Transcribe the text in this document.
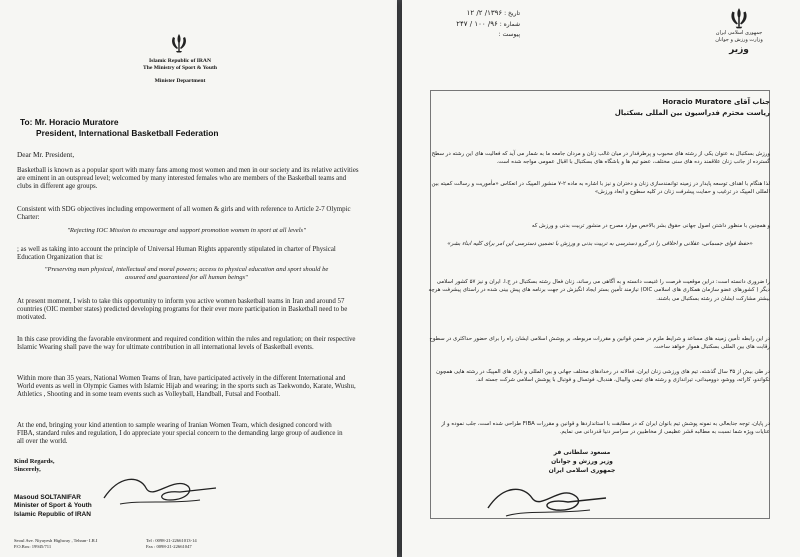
Islamic Republic of IRAN
The Ministry of Sport & Youth
Minister Department
To: Mr. Horacio Muratore
President, International Basketball Federation
Dear Mr. President,
Basketball is known as a popular sport with many fans among most women and men in our society and its relative activities are eminent in an outspread level; welcomed by many interested females who are members of the Basketball teams and clubs in different age groups.
Consistent with SDG objectives including empowerment of all women & girls and with reference to Article 2-7 Olympic Charter:
"Rejecting IOC Mission to encourage and support promotion women in sport at all levels"
; as well as taking into account the principle of Universal Human Rights apparently stipulated in charter of Physical Education Organization that is:
"Preserving man physical, intellectual and moral powers; access to physical education and sport should be assured and guaranteed for all human beings"
At present moment, I wish to take this opportunity to inform you active women basketball teams in Iran and around 57 countries (OIC member states) predicted developing programs for their ever more participation in Basketball need to be motivated.
In this case providing the favorable environment and required condition within the rules and regulation; on their respective Islamic Wearing shall pave the way for ultimate contribution in all international levels of Basketball events.
Within more than 35 years, National Women Teams of Iran, have participated actively in the different International and World events as well in Olympic Games with Islamic Hijab and wearing; in the sports such as Taekwondo, Karate, Wushu, Athletics , Shooting and in some team events such as Volleyball, Handball, Futsal and Football.
At the end, bringing your kind attention to sample wearing of Iranian Women Team, which designed concord with FIBA, standard rules and regulation, I do appreciate your special concern to the demanding large group of audience in all over the world.
Kind Regards,
Sincerely,
Masoud SOLTANIFAR
Minister of Sport & Youth
Islamic Republic of IRAN
Seoul Ave. Niyayesh Highway , Tehran- I.R.I
P.O.Box: 19945/711
Tel : 0098-21-22661013-14
Fax : 0098-21-22661047
جمهوری اسلامی ایران
وزارت ورزش و جوانان
وزیر
تاریخ : ۱۳۹۶/ ۲/ ۱۲
شماره : ۹۶/ ۱۰۰ / ۲۴۷
پیوست :
جناب آقای Horacio Muratore
ریاست محترم فدراسیون بین المللی بسکتبال
ورزش بسکتبال به عنوان یکی از رشته های محبوب و پرطرفدار در میان غالب زنان و مردان جامعه ما به شمار می آید که فعالیت های این رشته در سطح گسترده از جانب زنان علاقمند رده های سنی مختلف، عضو تیم ها و باشگاه های بسکتبال با اقبال عمومی مواجه شده است.
لذا هنگام با اهداف توسعه پایدار در زمینه توانمندسازی زنان و دختران و نیز با اشاره به ماده ۲-۷ منشور المپیک در انعکاس «مأموریت و رسالت کمیته بین المللی المپیک در ترغیب و حمایت پیشرفت زنان در کلیه سطوح و ابعاد ورزش»
و همچنین با منظور داشتن اصول جهانی حقوق بشر بالاخص موارد مصرح در منشور تربیت بدنی و ورزش که
«حفظ قوای جسمانی، عقلانی و اخلاقی را در گرو دسترسی به تربیت بدنی و ورزش با تضمین دسترسی این امر برای کلیه ابناء بشر»
را ضروری دانسته است: دراین موقعیت فرصت را غنیمت دانسته و به آگاهی می رساند، زنان فعال رشته بسکتبال در ج.ا. ایران و نیز ۵۷ کشور اسلامی دیگر ( کشورهای عضو سازمان همکاری های اسلامی OIC) نیازمند تأمین بستر ایجاد انگیزش در جهت برنامه های پیش بینی شده در راستای پیشرفت هرچه بیشتر مشارکت ایشان در رشته بسکتبال می باشند.
در این رابطه تأمین زمینه های مساعد و شرایط ملزم در ضمن قوانین و مقررات مربوطه، بر پوشش اسلامی ایشان راه را برای حضور حداکثری در سطوح رقابت های بین المللی بسکتبال هموار خواهد ساخت.
در طی بیش از ۳۵ سال گذشته، تیم های ورزشی زنان ایران، فعالانه در رخدادهای مختلف جهانی و بین المللی و بازی های المپیک در رشته هایی همچون تکواندو، کاراته، ووشو، دوومیدانی، تیراندازی و رشته های تیمی والیبال، هندبال، فوتسال و فوتبال با پوشش اسلامی شرکت جسته اند.
در پایان، توجه جنابعالی به نمونه پوشش تیم بانوان ایران که در مطابقت با استانداردها و قوانین و مقررات FIBA طراحی شده است، جلب نموده و از عنایات ویژه شما نسبت به مطالبه قشر عظیمی از مخاطبین در سراسر دنیا قدردانی می نمایم.
مسعود سلطانی فر
وزیر ورزش و جوانان
جمهوری اسلامی ایران
